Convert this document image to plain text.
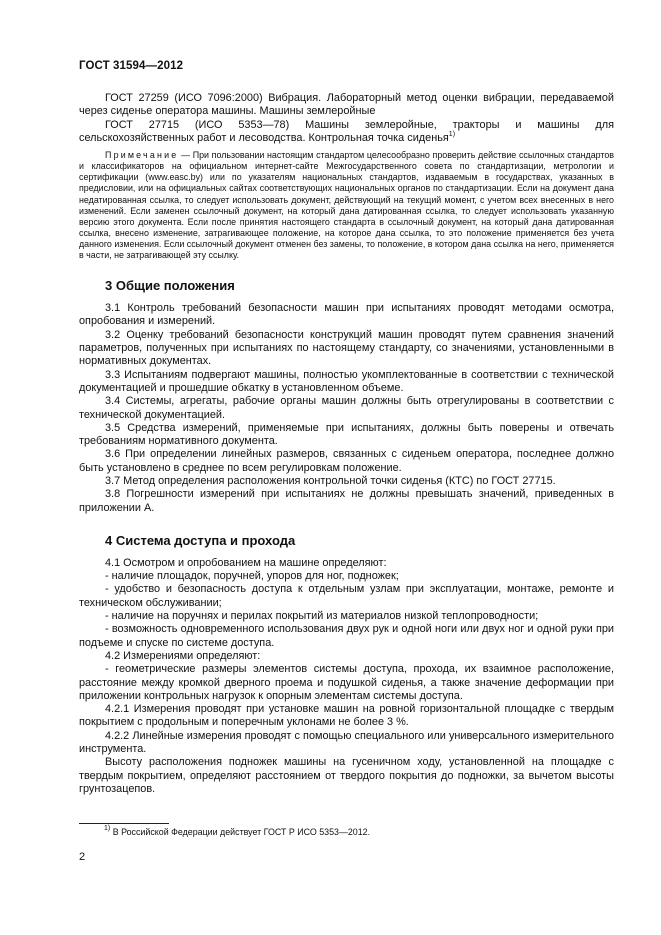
ГОСТ 31594—2012

ГОСТ 27259 (ИСО 7096:2000) Вибрация. Лабораторный метод оценки вибрации, передаваемой через сиденье оператора машины. Машины землеройные

ГОСТ 27715 (ИСО 5353—78) Машины землеройные, тракторы и машины для сельскохозяйственных работ и лесоводства. Контрольная точка сиденья$^{1)}$

Примечание — При пользовании настоящим стандартом целесообразно проверить действие ссылочных стандартов и классификаторов на официальном интернет-сайте Межгосударственного совета по стандартизации, метрологии и сертификации (www.easc.by) или по указателям национальных стандартов, издаваемым в государствах, указанных в предисловии, или на официальных сайтах соответствующих национальных органов по стандартизации. Если на документ дана недатированная ссылка, то следует использовать документ, действующий на текущий момент, с учетом всех внесенных в него изменений. Если заменен ссылочный документ, на который дана датированная ссылка, то следует использовать указанную версию этого документа. Если после принятия настоящего стандарта в ссылочный документ, на который дана датированная ссылка, внесено изменение, затрагивающее положение, на которое дана ссылка, то это положение применяется без учета данного изменения. Если ссылочный документ отменен без замены, то положение, в котором дана ссылка на него, применяется в части, не затрагивающей эту ссылку.

3 Общие положения

3.1 Контроль требований безопасности машин при испытаниях проводят методами осмотра, опробования и измерений.

3.2 Оценку требований безопасности конструкций машин проводят путем сравнения значений параметров, полученных при испытаниях по настоящему стандарту, со значениями, установленными в нормативных документах.

3.3 Испытаниям подвергают машины, полностью укомплектованные в соответствии с технической документацией и прошедшие обкатку в установленном объеме.

3.4 Системы, агрегаты, рабочие органы машин должны быть отрегулированы в соответствии с технической документацией.

3.5 Средства измерений, применяемые при испытаниях, должны быть поверены и отвечать требованиям нормативного документа.

3.6 При определении линейных размеров, связанных с сиденьем оператора, последнее должно быть установлено в среднее по всем регулировкам положение.

3.7 Метод определения расположения контрольной точки сиденья (КТС) по ГОСТ 27715.

3.8 Погрешности измерений при испытаниях не должны превышать значений, приведенных в приложении А.

4 Система доступа и прохода

4.1 Осмотром и опробованием на машине определяют:

- наличие площадок, поручней, упоров для ног, подножек;

- удобство и безопасность доступа к отдельным узлам при эксплуатации, монтаже, ремонте и техническом обслуживании;

- наличие на поручнях и перилах покрытий из материалов низкой теплопроводности;

- возможность одновременного использования двух рук и одной ноги или двух ног и одной руки при подъеме и спуске по системе доступа.

4.2 Измерениями определяют:

- геометрические размеры элементов системы доступа, прохода, их взаимное расположение, расстояние между кромкой дверного проема и подушкой сиденья, а также значение деформации при приложении контрольных нагрузок к опорным элементам системы доступа.

4.2.1 Измерения проводят при установке машин на ровной горизонтальной площадке с твердым покрытием с продольным и поперечным уклонами не более 3 %.

4.2.2 Линейные измерения проводят с помощью специального или универсального измерительного инструмента.

Высоту расположения подножек машины на гусеничном ходу, установленной на площадке с твердым покрытием, определяют расстоянием от твердого покрытия до подножки, за вычетом высоты грунтозацепов.

$^{1)}$ В Российской Федерации действует ГОСТ Р ИСО 5353—2012.
2
